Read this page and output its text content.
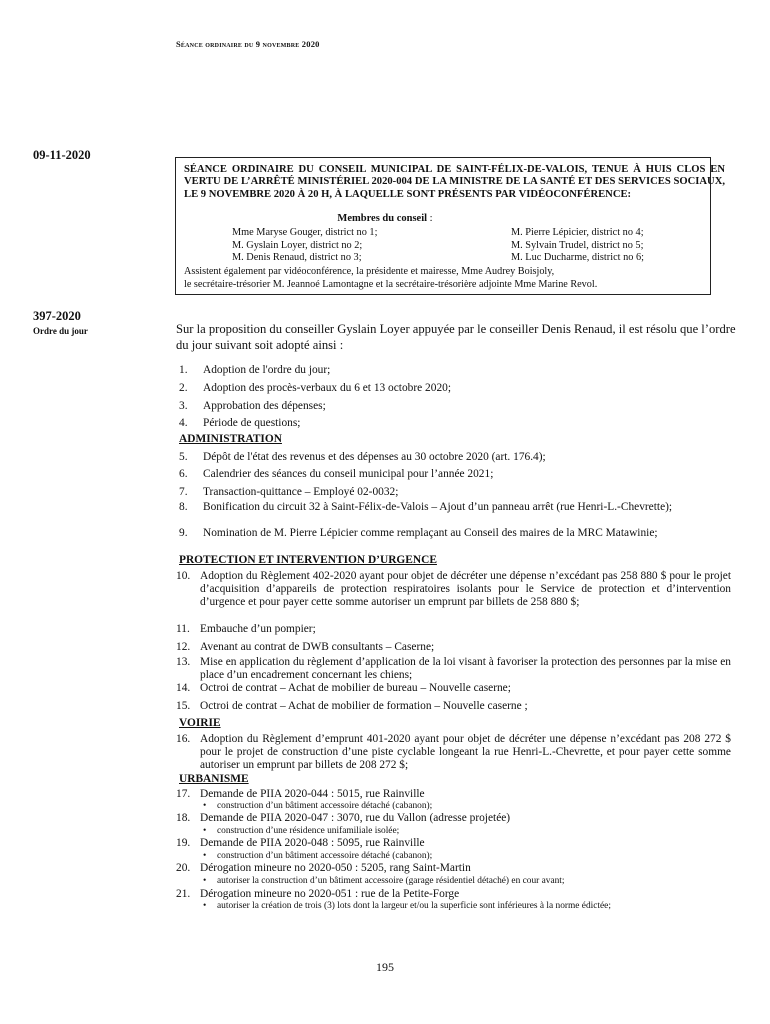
Séance ordinaire du 9 novembre 2020
09-11-2020
SÉANCE ORDINAIRE DU CONSEIL MUNICIPAL DE SAINT-FÉLIX-DE-VALOIS, TENUE À HUIS CLOS EN VERTU DE L’ARRÊTÉ MINISTÉRIEL 2020-004 DE LA MINISTRE DE LA SANTÉ ET DES SERVICES SOCIAUX, LE 9 NOVEMBRE 2020 À 20 H, À LAQUELLE SONT PRÉSENTS PAR VIDÉOCONFÉRENCE:
Membres du conseil :
Mme Maryse Gouger, district no 1;
M. Gyslain Loyer, district no 2;
M. Denis Renaud, district no 3;
M. Pierre Lépicier, district no 4;
M. Sylvain Trudel, district no 5;
M. Luc Ducharme, district no 6;
Assistent également par vidéoconférence, la présidente et mairesse, Mme Audrey Boisjoly,
le secrétaire-trésorier M. Jeannoé Lamontagne et la secrétaire-trésorière adjointe Mme Marine Revol.
397-2020
Ordre du jour	Sur la proposition du conseiller Gyslain Loyer appuyée par le conseiller Denis Renaud, il est résolu que l’ordre du jour suivant soit adopté ainsi :
1. Adoption de l'ordre du jour;
2. Adoption des procès-verbaux du 6 et 13 octobre 2020;
3. Approbation des dépenses;
4. Période de questions;
ADMINISTRATION
5. Dépôt de l'état des revenus et des dépenses au 30 octobre 2020 (art. 176.4);
6. Calendrier des séances du conseil municipal pour l’année 2021;
7. Transaction-quittance – Employé 02-0032;
8. Bonification du circuit 32 à Saint-Félix-de-Valois – Ajout d’un panneau arrêt (rue Henri-L.-Chevrette);
9. Nomination de M. Pierre Lépicier comme remplaçant au Conseil des maires de la MRC Matawinie;
PROTECTION ET INTERVENTION D’URGENCE
10. Adoption du Règlement 402-2020 ayant pour objet de décréter une dépense n’excédant pas 258 880 $ pour le projet d’acquisition d’appareils de protection respiratoires isolants pour le Service de protection et d’intervention d’urgence et pour payer cette somme autoriser un emprunt par billets de 258 880 $;
11. Embauche d’un pompier;
12. Avenant au contrat de DWB consultants – Caserne;
13. Mise en application du règlement d’application de la loi visant à favoriser la protection des personnes par la mise en place d’un encadrement concernant les chiens;
14. Octroi de contrat – Achat de mobilier de bureau – Nouvelle caserne;
15. Octroi de contrat – Achat de mobilier de formation – Nouvelle caserne ;
VOIRIE
16. Adoption du Règlement d’emprunt 401-2020 ayant pour objet de décréter une dépense n’excédant pas 208 272 $ pour le projet de construction d’une piste cyclable longeant la rue Henri-L.-Chevrette, et pour payer cette somme autoriser un emprunt par billets de 208 272 $;
URBANISME
17. Demande de PIIA 2020-044 : 5015, rue Rainville
• construction d’un bâtiment accessoire détaché (cabanon);
18. Demande de PIIA 2020-047 : 3070, rue du Vallon (adresse projetée)
• construction d’une résidence unifamiliale isolée;
19. Demande de PIIA 2020-048 : 5095, rue Rainville
• construction d’un bâtiment accessoire détaché (cabanon);
20. Dérogation mineure no 2020-050 : 5205, rang Saint-Martin
• autoriser la construction d’un bâtiment accessoire (garage résidentiel détaché) en cour avant;
21. Dérogation mineure no 2020-051 : rue de la Petite-Forge
• autoriser la création de trois (3) lots dont la largeur et/ou la superficie sont inférieures à la norme édictée;
195
